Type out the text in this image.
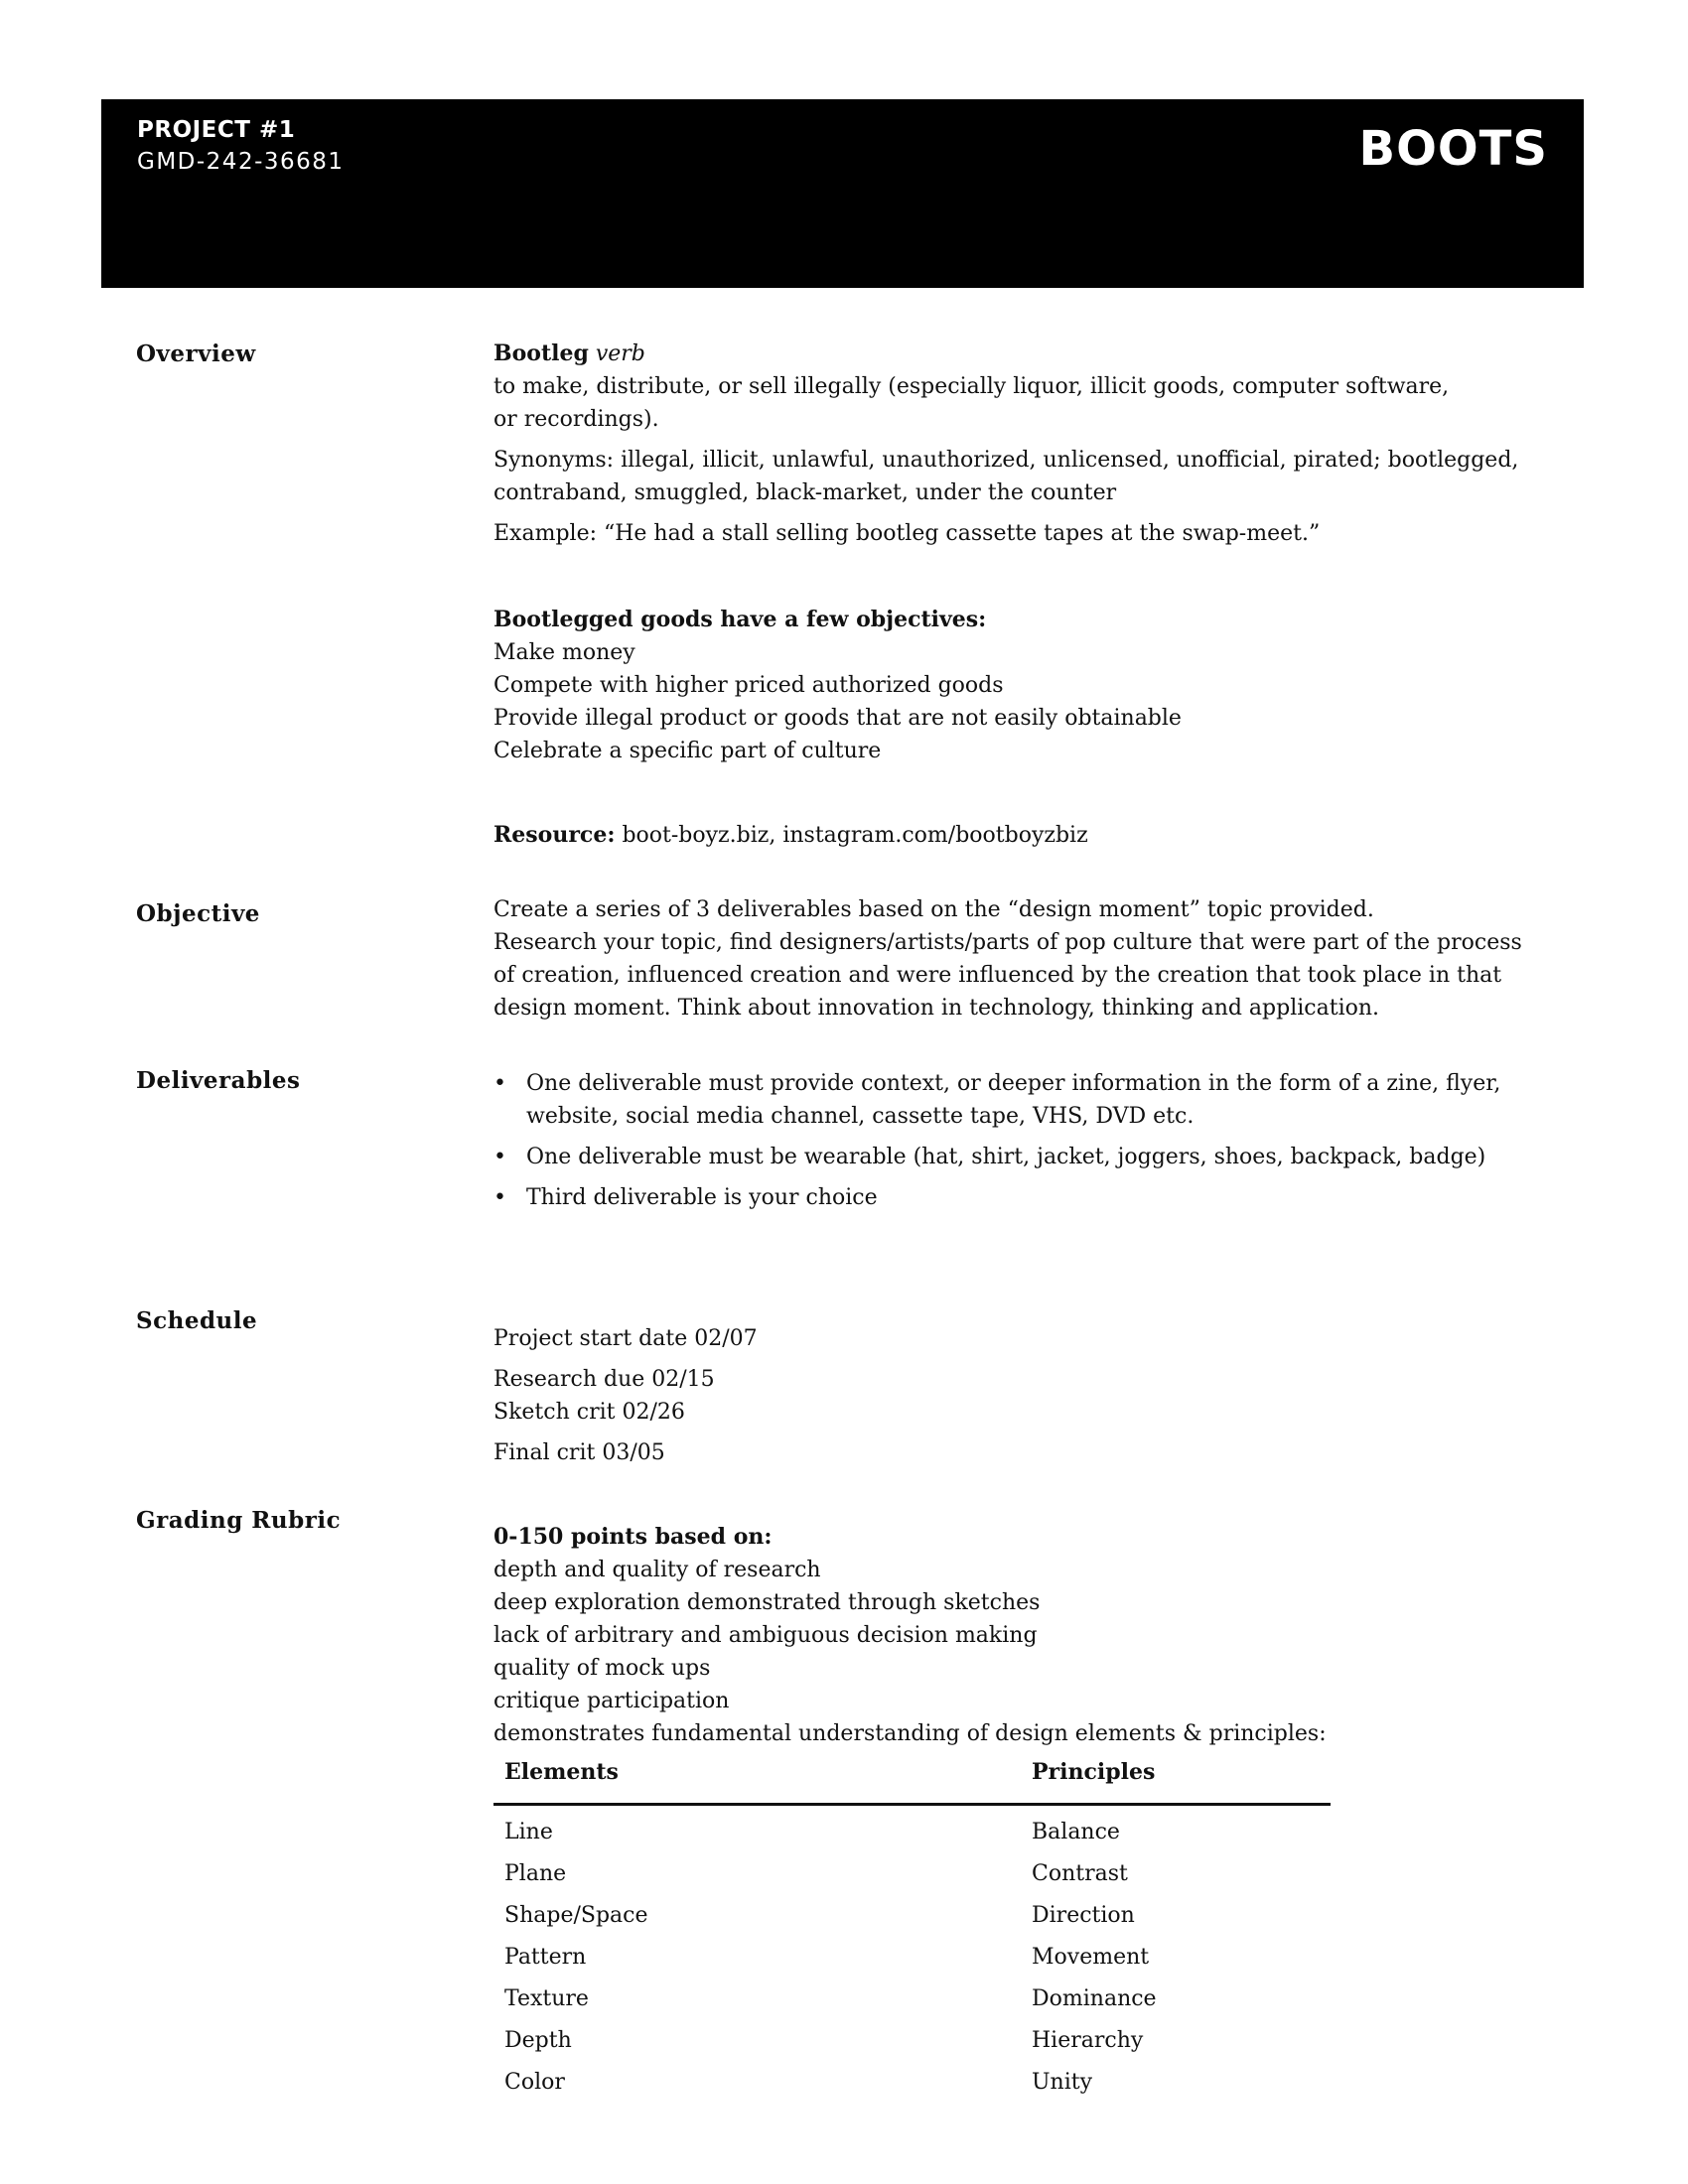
PROJECT #1
GMD-242-36681	BOOTS
Overview	Bootleg verb

to make, distribute, or sell illegally (especially liquor, illicit goods, computer software,

or recordings).

Synonyms: illegal, illicit, unlawful, unauthorized, unlicensed, unofficial, pirated; bootlegged,

contraband, smuggled, black-market, under the counter

Example: “He had a stall selling bootleg cassette tapes at the swap-meet.”

Bootlegged goods have a few objectives:

Make money

Compete with higher priced authorized goods

Provide illegal product or goods that are not easily obtainable

Celebrate a specific part of culture

Resource: boot-boyz.biz, instagram.com/bootboyzbiz

Objective	Create a series of 3 deliverables based on the “design moment” topic provided.

Research your topic, find designers/artists/parts of pop culture that were part of the process

of creation, influenced creation and were influenced by the creation that took place in that

design moment. Think about innovation in technology, thinking and application.

Deliverables	• One deliverable must provide context, or deeper information in the form of a zine, flyer, website, social media channel, cassette tape, VHS, DVD etc.
• One deliverable must be wearable (hat, shirt, jacket, joggers, shoes, backpack, badge)
• Third deliverable is your choice
Schedule

Project start date 02/07

Research due 02/15

Sketch crit 02/26

Final crit 03/05

Grading Rubric

0-150 points based on:

depth and quality of research

deep exploration demonstrated through sketches

lack of arbitrary and ambiguous decision making

quality of mock ups

critique participation

demonstrates fundamental understanding of design elements & principles:

Elements	Principles
Line	Balance
Plane	Contrast
Shape/Space	Direction
Pattern	Movement
Texture	Dominance
Depth	Hierarchy
Color	Unity
